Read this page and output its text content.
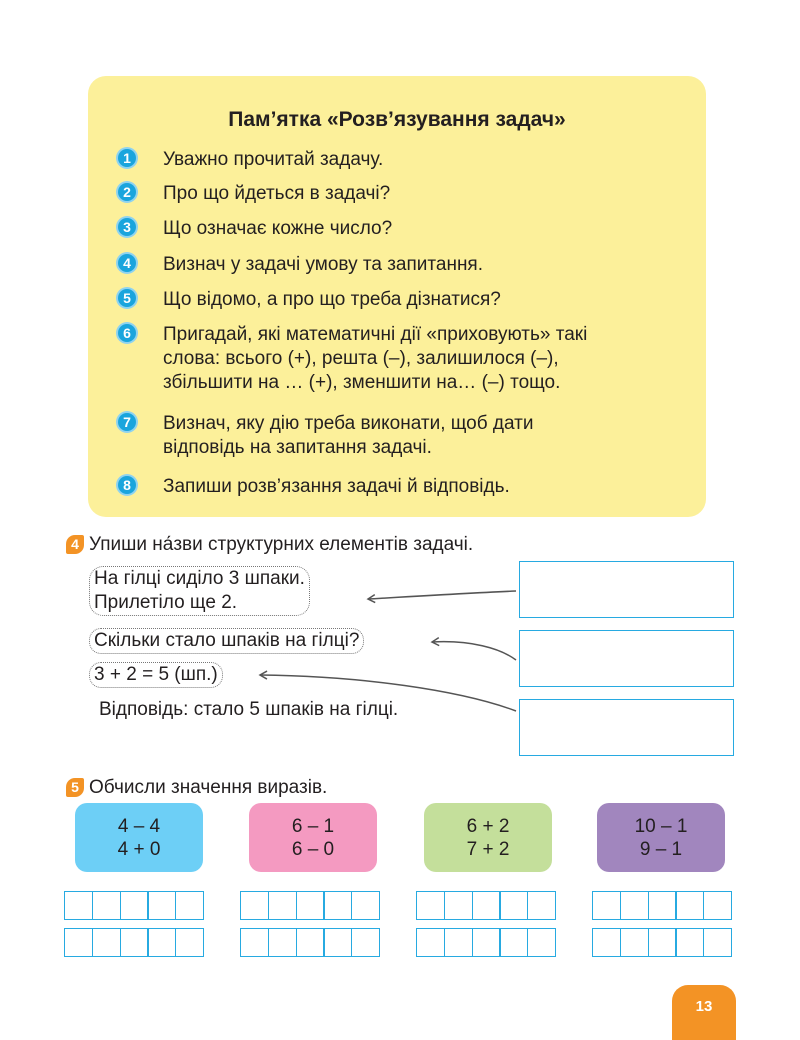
Пам’ятка «Розв’язування задач»
1 Уважно прочитай задачу.
2 Про що йдеться в задачі?
3 Що означає кожне число?
4 Визнач у задачі умову та запитання.
5 Що відомо, а про що треба дізнатися?
6 Пригадай, які математичні дії «приховують» такі
слова: всього (+), решта (–), залишилося (–),
збільшити на … (+), зменшити на… (–) тощо.
7 Визнач, яку дію треба виконати, щоб дати
відповідь на запитання задачі.
8 Запиши розв’язання задачі й відповідь.
4 Упиши на́зви структурних елементів задачі.
На гілці сиділо 3 шпаки.
Прилетіло ще 2.
Скільки стало шпаків на гілці?
3 + 2 = 5 (шп.)
Відповідь: стало 5 шпаків на гілці.
5 Обчисли значення виразів.
4 – 4
4 + 0
6 – 1
6 – 0
6 + 2
7 + 2
10 – 1
9 – 1
13
